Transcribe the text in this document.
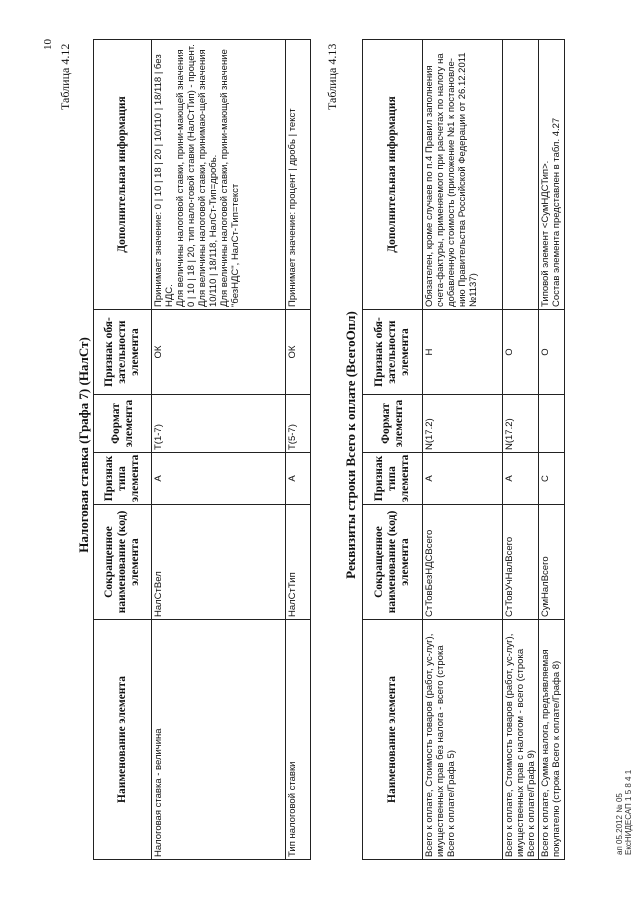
10 Таблица 4.12
Налоговая ставка (Графа 7) (НалСт)
Наименование элемента	Сокращенное наименование (код) элемента	Признак типа элемента	Формат элемента	Признак обя-зательности элемента	Дополнительная информация
Налоговая ставка - величина	НалСтВел	А	Т(1-7)	ОК	Принимает значение: 0 | 10 | 18 | 20 | 10/110 | 18/118 | без НДС.
Для величины налоговой ставки, прини-мающей значения 0 | 10 | 18 | 20, тип нало-говой ставки (НалСтТип) - процент.
Для величины налоговой ставки, принимаю-щей значения 10/110 | 18/118, НалСт-Тип=дробь.
Для величины налоговой ставки, прини-мающей значение "безНДС", НалСт-Тип=текст
Тип налоговой ставки	НалСтТип	А	Т(5-7)	ОК	Принимает значение: процент | дробь | текст
Таблица 4.13
Реквизиты строки Всего к оплате (ВсегоОпл)
Наименование элемента	Сокращенное наименование (код) элемента	Признак типа элемента	Формат элемента	Признак обя-зательности элемента	Дополнительная информация
Всего к оплате, Стоимость товаров (работ, ус-луг), имущественных прав без налога - всего (строка Всего к оплате/Графа 5)	СтТовБезНДСВсего	А	N(17.2)	Н	Обязателен, кроме случаев по п.4 Правил заполнения счета-фактуры, применяемого при расчетах по налогу на добавленную стоимость (приложение №1 к постановле-нию Правительства Российской Федерации от 26.12.2011 №1137)
Всего к оплате, Стоимость товаров (работ, ус-луг), имущественных прав с налогом - всего (строка Всего к оплате/Графа 9)	СтТовУчНалВсего	А	N(17.2)	О	
Всего к оплате, Сумма налога, предъявляемая покупателю (строка Всего к оплате/Графа 8)	СумНалВсего	С		О	Типовой элемент <СумНДСТип>.
Состав элемента представлен в табл. 4.27
ап 05.2012 № 05 ЕксНИДЕСАП 1 5 8 4 1
